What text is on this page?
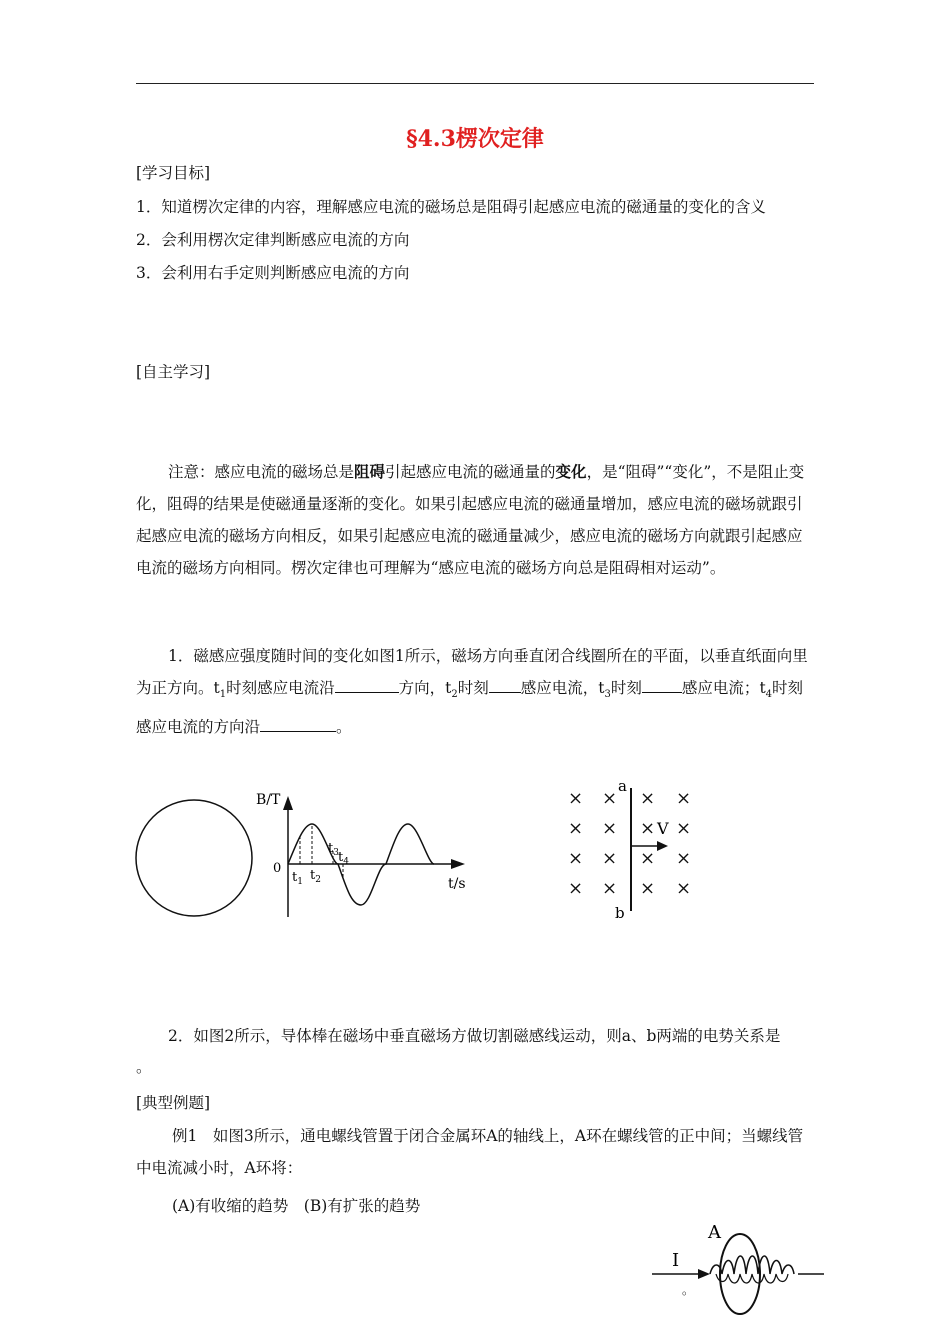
§4.3楞次定律
[学习目标]
1．知道楞次定律的内容，理解感应电流的磁场总是阻碍引起感应电流的磁通量的变化的含义
2．会利用楞次定律判断感应电流的方向
3．会利用右手定则判断感应电流的方向
[自主学习]
注意：感应电流的磁场总是阻碍引起感应电流的磁通量的变化，是“阻碍”“变化”，不是阻止变化，阻碍的结果是使磁通量逐渐的变化。如果引起感应电流的磁通量增加，感应电流的磁场就跟引起感应电流的磁场方向相反，如果引起感应电流的磁通量减少，感应电流的磁场方向就跟引起感应电流的磁场方向相同。楞次定律也可理解为“感应电流的磁场方向总是阻碍相对运动”。
1．磁感应强度随时间的变化如图1所示，磁场方向垂直闭合线圈所在的平面，以垂直纸面向里为正方向。$t_1$时刻感应电流沿	方向，$t_2$时刻 感应电流，$t_3$时刻	感应电流；$t_4$时刻感应电流的方向沿	。
B/T
t/s
0
$t_1$ $t_2$
$t_3$ $t_4$
× × × ×
× × × ×
× × × ×
× × × ×
a
b
V
2．如图2所示，导体棒在磁场中垂直磁场方做切割磁感线运动，则a、b两端的电势关系是
。
[典型例题]
例1　如图3所示，通电螺线管置于闭合金属环A的轴线上，A环在螺线管的正中间；当螺线管中电流减小时，A环将：
(A)有收缩的趋势　(B)有扩张的趋势
A
I
。
